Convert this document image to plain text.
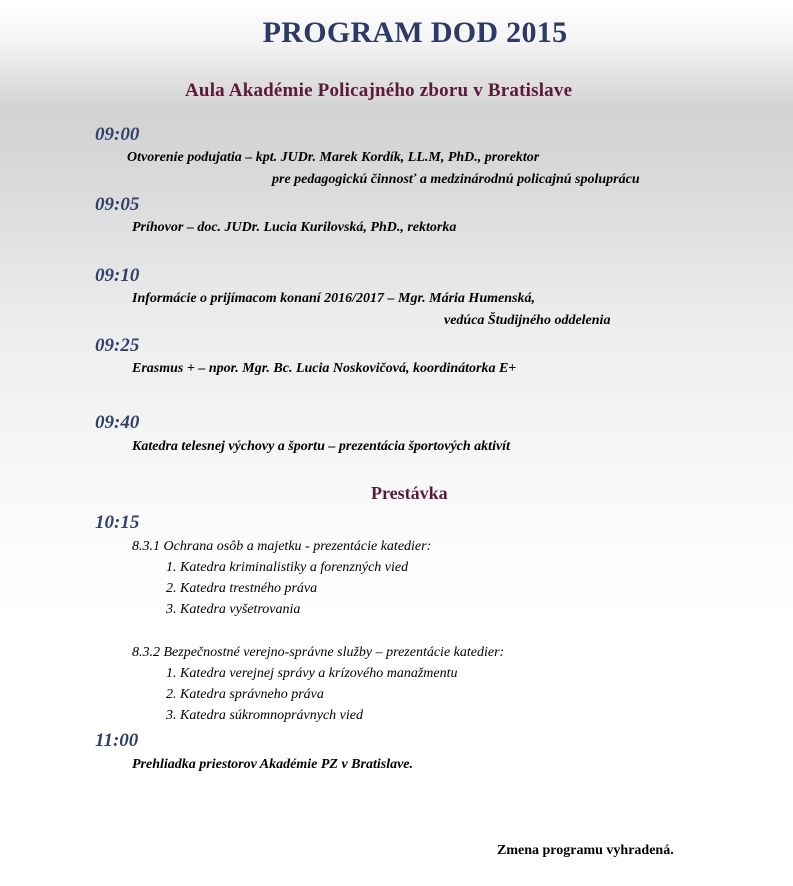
PROGRAM DOD 2015
Aula Akadémie Policajného zboru v Bratislave
09:00
Otvorenie podujatia – kpt. JUDr. Marek Kordík, LL.M, PhD., prorektor
pre pedagogickú činnosť a medzinárodnú policajnú spoluprácu
09:05
Príhovor – doc. JUDr. Lucia Kurilovská, PhD., rektorka
09:10
Informácie o prijímacom konaní 2016/2017 – Mgr. Mária Humenská,
vedúca Študijného oddelenia
09:25
Erasmus + – npor. Mgr. Bc. Lucia Noskovičová, koordinátorka E+
09:40
Katedra telesnej výchovy a športu – prezentácia športových aktivít
Prestávka
10:15
8.3.1 Ochrana osôb a majetku - prezentácie katedier:
1. Katedra kriminalistiky a forenzných vied
2. Katedra trestného práva
3. Katedra vyšetrovania
8.3.2 Bezpečnostné verejno-správne služby – prezentácie katedier:
1. Katedra verejnej správy a krízového manažmentu
2. Katedra správneho práva
3. Katedra súkromnoprávnych vied
11:00
Prehliadka priestorov Akadémie PZ v Bratislave.
Zmena programu vyhradená.
